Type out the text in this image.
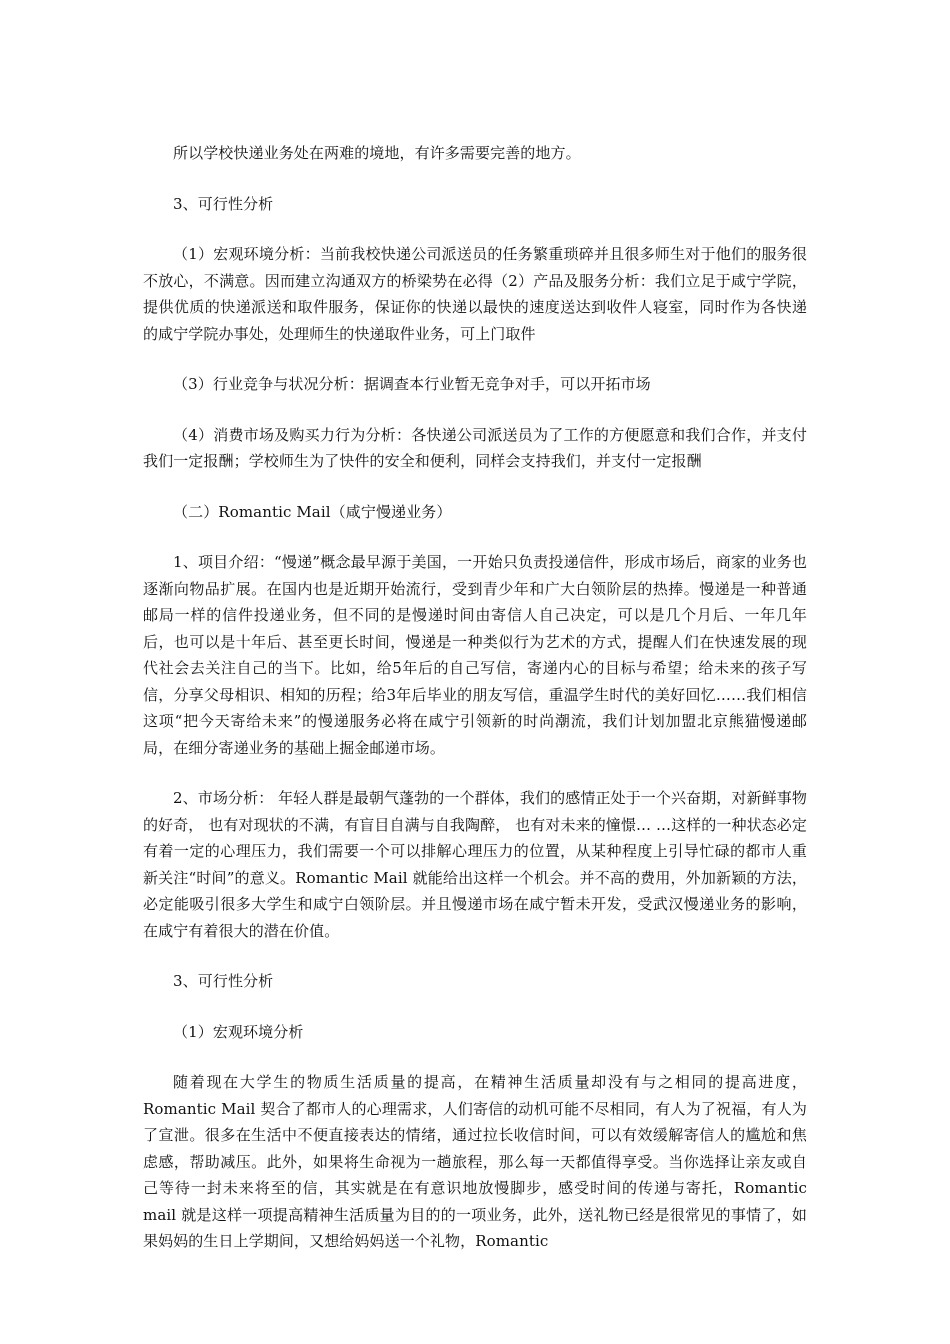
所以学校快递业务处在两难的境地，有许多需要完善的地方。

3、可行性分析

（1）宏观环境分析：当前我校快递公司派送员的任务繁重琐碎并且很多师生对于他们的服务很不放心，不满意。因而建立沟通双方的桥梁势在必得（2）产品及服务分析：我们立足于咸宁学院，提供优质的快递派送和取件服务，保证你的快递以最快的速度送达到收件人寝室，同时作为各快递的咸宁学院办事处，处理师生的快递取件业务，可上门取件

（3）行业竞争与状况分析：据调查本行业暂无竞争对手，可以开拓市场

（4）消费市场及购买力行为分析：各快递公司派送员为了工作的方便愿意和我们合作，并支付我们一定报酬；学校师生为了快件的安全和便利，同样会支持我们，并支付一定报酬

（二）Romantic Mail（咸宁慢递业务）

1、项目介绍：“慢递”概念最早源于美国，一开始只负责投递信件，形成市场后，商家的业务也逐渐向物品扩展。在国内也是近期开始流行，受到青少年和广大白领阶层的热捧。慢递是一种普通邮局一样的信件投递业务，但不同的是慢递时间由寄信人自己决定，可以是几个月后、一年几年后，也可以是十年后、甚至更长时间，慢递是一种类似行为艺术的方式，提醒人们在快速发展的现代社会去关注自己的当下。比如，给5年后的自己写信，寄递内心的目标与希望；给未来的孩子写信，分享父母相识、相知的历程；给3年后毕业的朋友写信，重温学生时代的美好回忆……我们相信这项“把今天寄给未来”的慢递服务必将在咸宁引领新的时尚潮流，我们计划加盟北京熊猫慢递邮局，在细分寄递业务的基础上掘金邮递市场。

2、市场分析： 年轻人群是最朝气蓬勃的一个群体，我们的感情正处于一个兴奋期，对新鲜事物的好奇， 也有对现状的不满，有盲目自满与自我陶醉， 也有对未来的憧憬… …这样的一种状态必定有着一定的心理压力，我们需要一个可以排解心理压力的位置，从某种程度上引导忙碌的都市人重新关注“时间”的意义。Romantic Mail 就能给出这样一个机会。并不高的费用，外加新颖的方法，必定能吸引很多大学生和咸宁白领阶层。并且慢递市场在咸宁暂未开发，受武汉慢递业务的影响，在咸宁有着很大的潜在价值。

3、可行性分析

（1）宏观环境分析

随着现在大学生的物质生活质量的提高，在精神生活质量却没有与之相同的提高进度，Romantic Mail 契合了都市人的心理需求，人们寄信的动机可能不尽相同，有人为了祝福，有人为了宣泄。很多在生活中不便直接表达的情绪，通过拉长收信时间，可以有效缓解寄信人的尴尬和焦虑感，帮助减压。此外，如果将生命视为一趟旅程，那么每一天都值得享受。当你选择让亲友或自己等待一封未来将至的信，其实就是在有意识地放慢脚步，感受时间的传递与寄托，Romantic mail 就是这样一项提高精神生活质量为目的的一项业务，此外，送礼物已经是很常见的事情了，如果妈妈的生日上学期间，又想给妈妈送一个礼物，Romantic
